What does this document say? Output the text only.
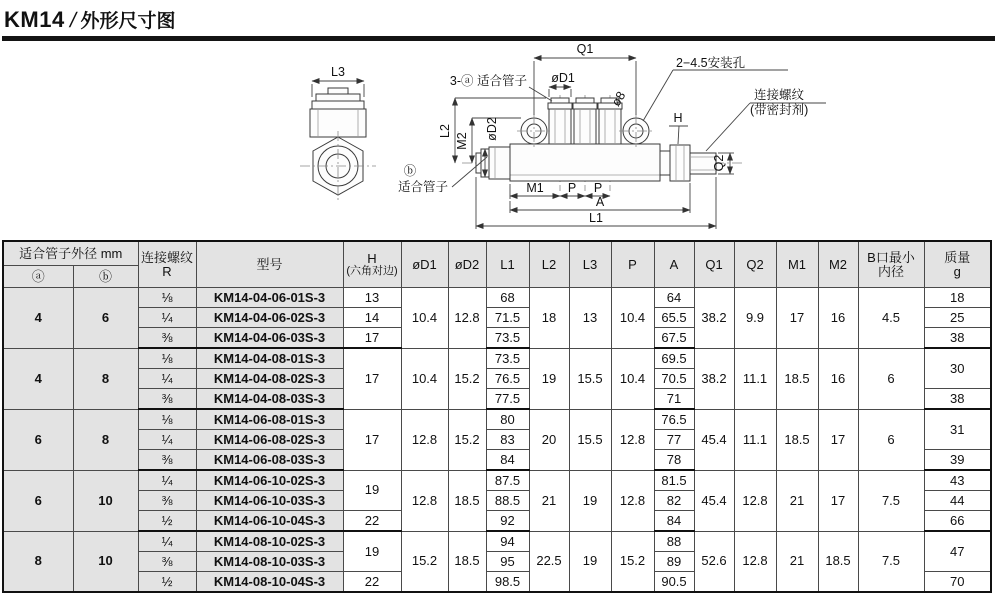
KM14 / 外形尺寸图
L3
Q1
øD1
3-ⓐ 适合管子
2−4.5安装孔
ø8	连接螺纹
(带密封剂)
H
Q2
L2
M2
øD2
ⓑ
适合管子	M1 P P
A
L1
适合管子外径 mm	连接螺纹
R	型号	H
(六角对边)	øD1	øD2	L1	L2	L3	P	A	Q1	Q2	M1	M2	B口最小
内径

质量
g

ⓐ	ⓑ																
4	6	⅛	KM14-04-06-01S-3	13	10.4	12.8	68	18	13	10.4	64	38.2	9.9	17	16	4.5	18
		¼	KM14-04-06-02S-3	14			71.5				65.5						25
		⅜	KM14-04-06-03S-3	17			73.5				67.5						38
4	8	⅛	KM14-04-08-01S-3	17	10.4	15.2	73.5	19	15.5	10.4	69.5	38.2	11.1	18.5	16	6	30
		¼	KM14-04-08-02S-3				76.5				70.5						
		⅜	KM14-04-08-03S-3				77.5				71						38
6	8	⅛	KM14-06-08-01S-3	17	12.8	15.2	80	20	15.5	12.8	76.5	45.4	11.1	18.5	17	6	31
		¼	KM14-06-08-02S-3				83				77						
		⅜	KM14-06-08-03S-3				84				78						39
6	10	¼	KM14-06-10-02S-3	19	12.8	18.5	87.5	21	19	12.8	81.5	45.4	12.8	21	17	7.5	43
		⅜	KM14-06-10-03S-3				88.5				82						44
		½	KM14-06-10-04S-3	22			92				84						66
8	10	¼	KM14-08-10-02S-3	19	15.2	18.5	94	22.5	19	15.2	88	52.6	12.8	21	18.5	7.5	47
		⅜	KM14-08-10-03S-3				95				89						
		½	KM14-08-10-04S-3	22			98.5				90.5						70
